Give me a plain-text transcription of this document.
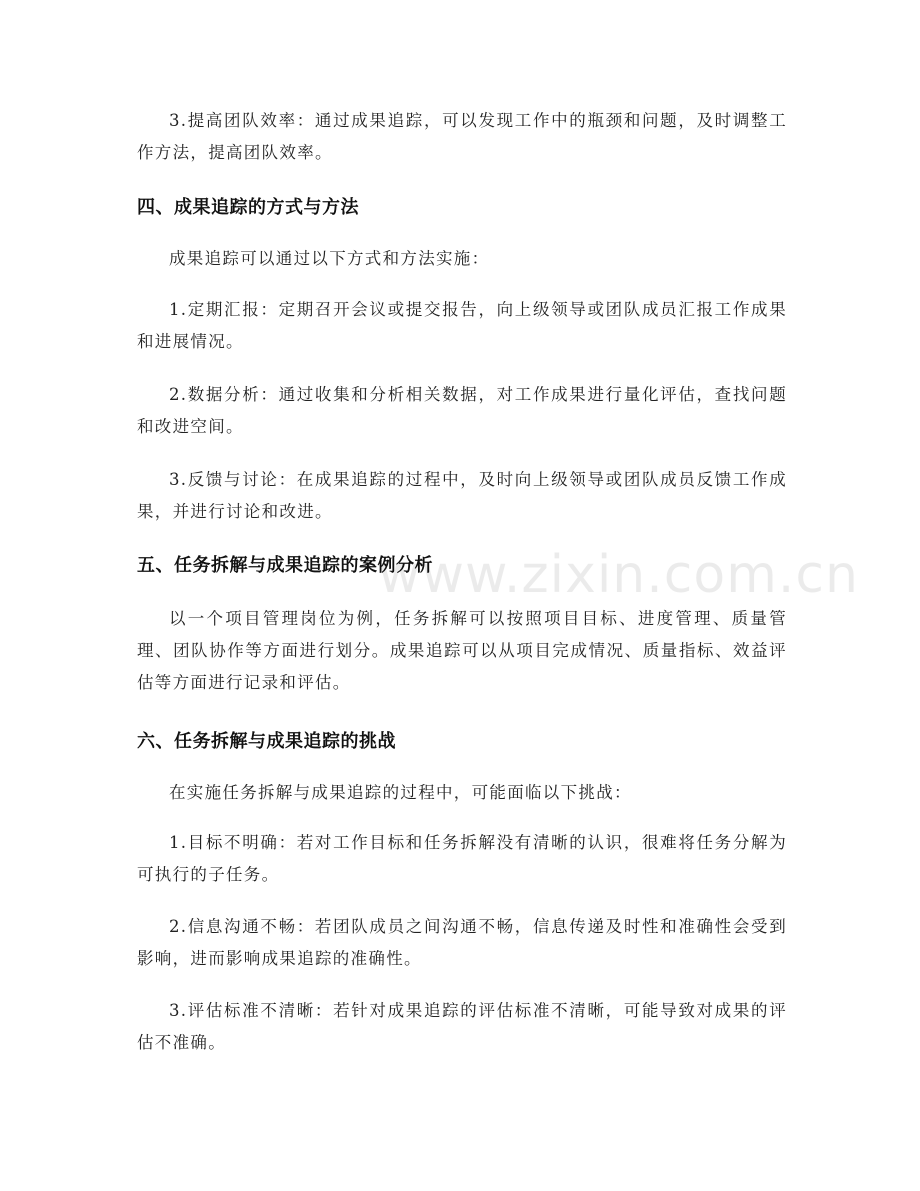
3.提高团队效率：通过成果追踪，可以发现工作中的瓶颈和问题，及时调整工作方法，提高团队效率。

四、成果追踪的方式与方法

成果追踪可以通过以下方式和方法实施：

1.定期汇报：定期召开会议或提交报告，向上级领导或团队成员汇报工作成果和进展情况。

2.数据分析：通过收集和分析相关数据，对工作成果进行量化评估，查找问题和改进空间。

3.反馈与讨论：在成果追踪的过程中，及时向上级领导或团队成员反馈工作成果，并进行讨论和改进。

五、任务拆解与成果追踪的案例分析

以一个项目管理岗位为例，任务拆解可以按照项目目标、进度管理、质量管理、团队协作等方面进行划分。成果追踪可以从项目完成情况、质量指标、效益评估等方面进行记录和评估。

六、任务拆解与成果追踪的挑战

在实施任务拆解与成果追踪的过程中，可能面临以下挑战：

1.目标不明确：若对工作目标和任务拆解没有清晰的认识，很难将任务分解为可执行的子任务。

2.信息沟通不畅：若团队成员之间沟通不畅，信息传递及时性和准确性会受到影响，进而影响成果追踪的准确性。

3.评估标准不清晰：若针对成果追踪的评估标准不清晰，可能导致对成果的评估不准确。

www.zixin.com.cn
